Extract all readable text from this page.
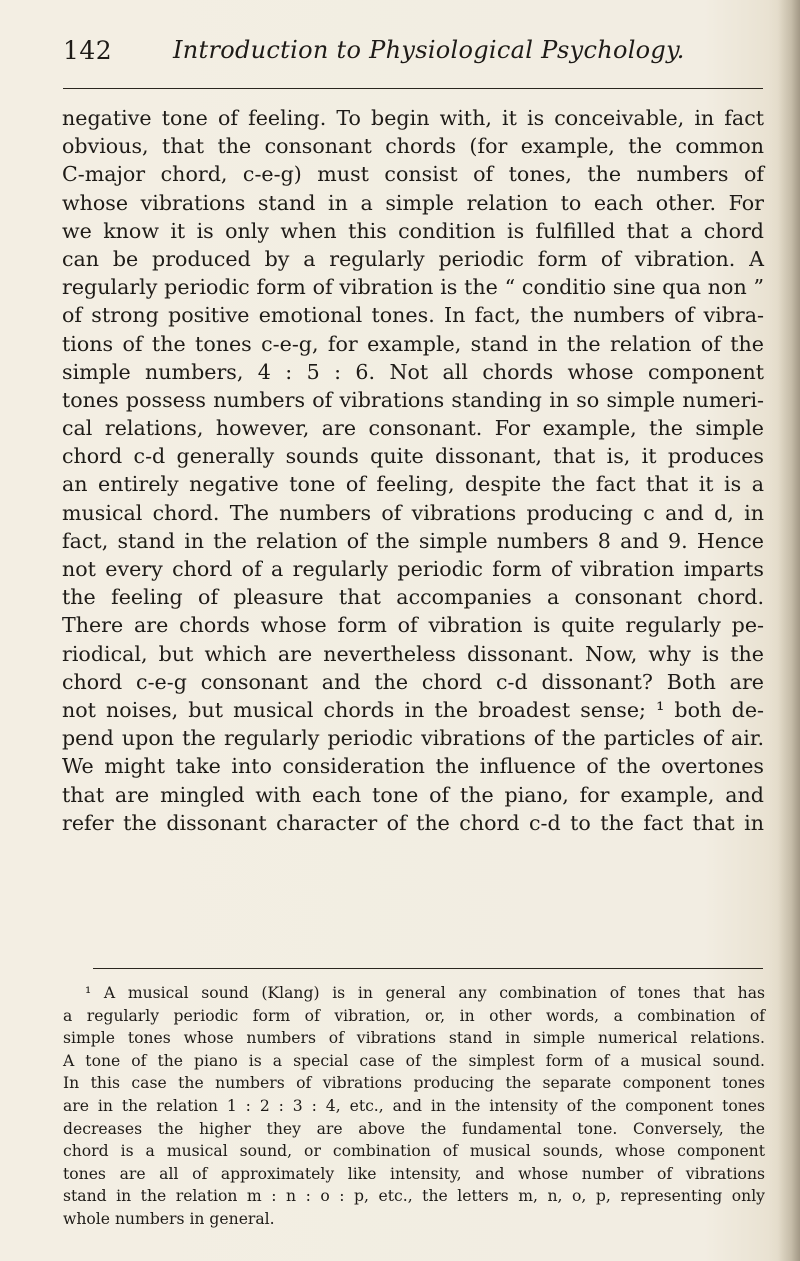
142	Introduction to Physiological Psychology.
negative tone of feeling. To begin with, it is conceivable, in fact
obvious, that the consonant chords (for example, the common
C-major chord, c-e-g) must consist of tones, the numbers of
whose vibrations stand in a simple relation to each other. For
we know it is only when this condition is fulfilled that a chord
can be produced by a regularly periodic form of vibration. A
regularly periodic form of vibration is the “ conditio sine qua non ”
of strong positive emotional tones. In fact, the numbers of vibra-
tions of the tones c-e-g, for example, stand in the relation of the
simple numbers, 4 : 5 : 6. Not all chords whose component
tones possess numbers of vibrations standing in so simple numeri-
cal relations, however, are consonant. For example, the simple
chord c-d generally sounds quite dissonant, that is, it produces
an entirely negative tone of feeling, despite the fact that it is a
musical chord. The numbers of vibrations producing c and d, in
fact, stand in the relation of the simple numbers 8 and 9. Hence
not every chord of a regularly periodic form of vibration imparts
the feeling of pleasure that accompanies a consonant chord.
There are chords whose form of vibration is quite regularly pe-
riodical, but which are nevertheless dissonant. Now, why is the
chord c-e-g consonant and the chord c-d dissonant? Both are
not noises, but musical chords in the broadest sense; ¹ both de-
pend upon the regularly periodic vibrations of the particles of air.
We might take into consideration the influence of the overtones
that are mingled with each tone of the piano, for example, and
refer the dissonant character of the chord c-d to the fact that in
¹ A musical sound (Klang) is in general any combination of tones that has
a regularly periodic form of vibration, or, in other words, a combination of
simple tones whose numbers of vibrations stand in simple numerical relations.
A tone of the piano is a special case of the simplest form of a musical sound.
In this case the numbers of vibrations producing the separate component tones
are in the relation 1 : 2 : 3 : 4, etc., and in the intensity of the component tones
decreases the higher they are above the fundamental tone. Conversely, the
chord is a musical sound, or combination of musical sounds, whose component
tones are all of approximately like intensity, and whose number of vibrations
stand in the relation m : n : o : p, etc., the letters m, n, o, p, representing only
whole numbers in general.
